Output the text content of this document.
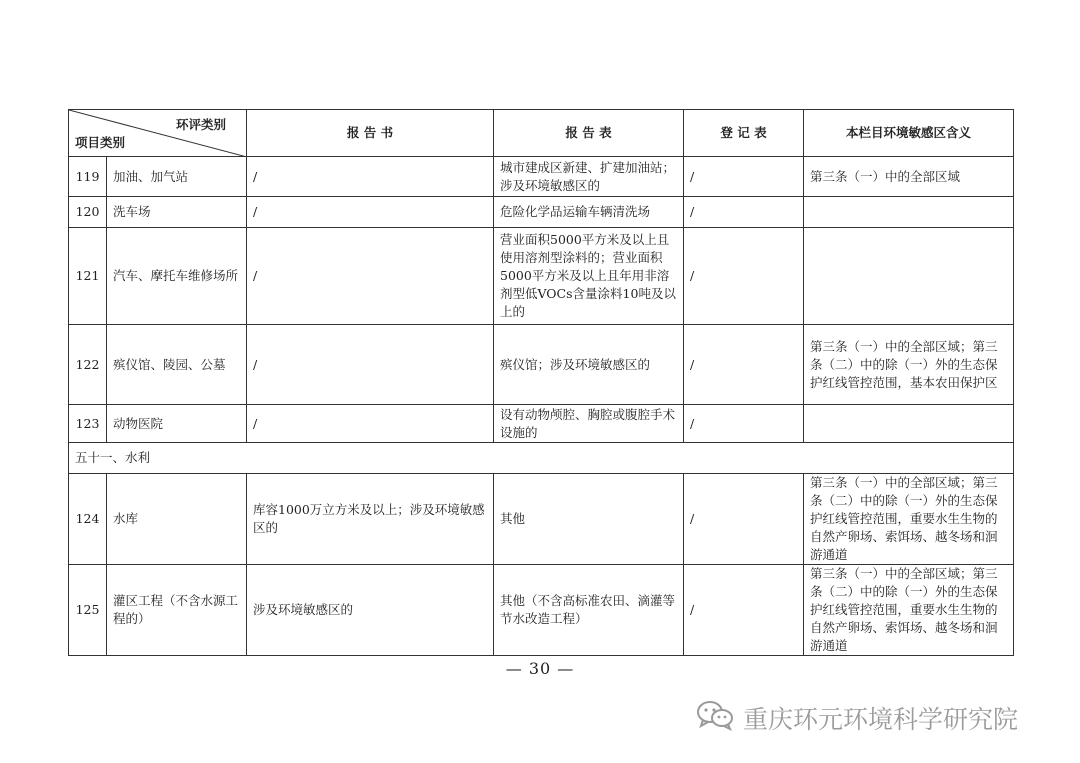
环评类别
项目类别		报 告 书	报 告 表	登 记 表	本栏目环境敏感区含义
119	加油、加气站	/	城市建成区新建、扩建加油站；涉及环境敏感区的	/	第三条（一）中的全部区域
120	洗车场	/	危险化学品运输车辆清洗场	/	
121	汽车、摩托车维修场所	/	营业面积5000平方米及以上且使用溶剂型涂料的；营业面积5000平方米及以上且年用非溶剂型低VOCs含量涂料10吨及以上的	/	
122	殡仪馆、陵园、公墓	/	殡仪馆；涉及环境敏感区的	/	第三条（一）中的全部区域；第三条（二）中的除（一）外的生态保护红线管控范围，基本农田保护区
123	动物医院	/	设有动物颅腔、胸腔或腹腔手术设施的	/	
五十一、水利					
124	水库	库容1000万立方米及以上；涉及环境敏感区的	其他	/	第三条（一）中的全部区域；第三条（二）中的除（一）外的生态保护红线管控范围，重要水生生物的自然产卵场、索饵场、越冬场和洄游通道
125	灌区工程（不含水源工程的）	涉及环境敏感区的	其他（不含高标准农田、滴灌等节水改造工程）	/	第三条（一）中的全部区域；第三条（二）中的除（一）外的生态保护红线管控范围，重要水生生物的自然产卵场、索饵场、越冬场和洄游通道
— 30 —
重庆环元环境科学研究院
